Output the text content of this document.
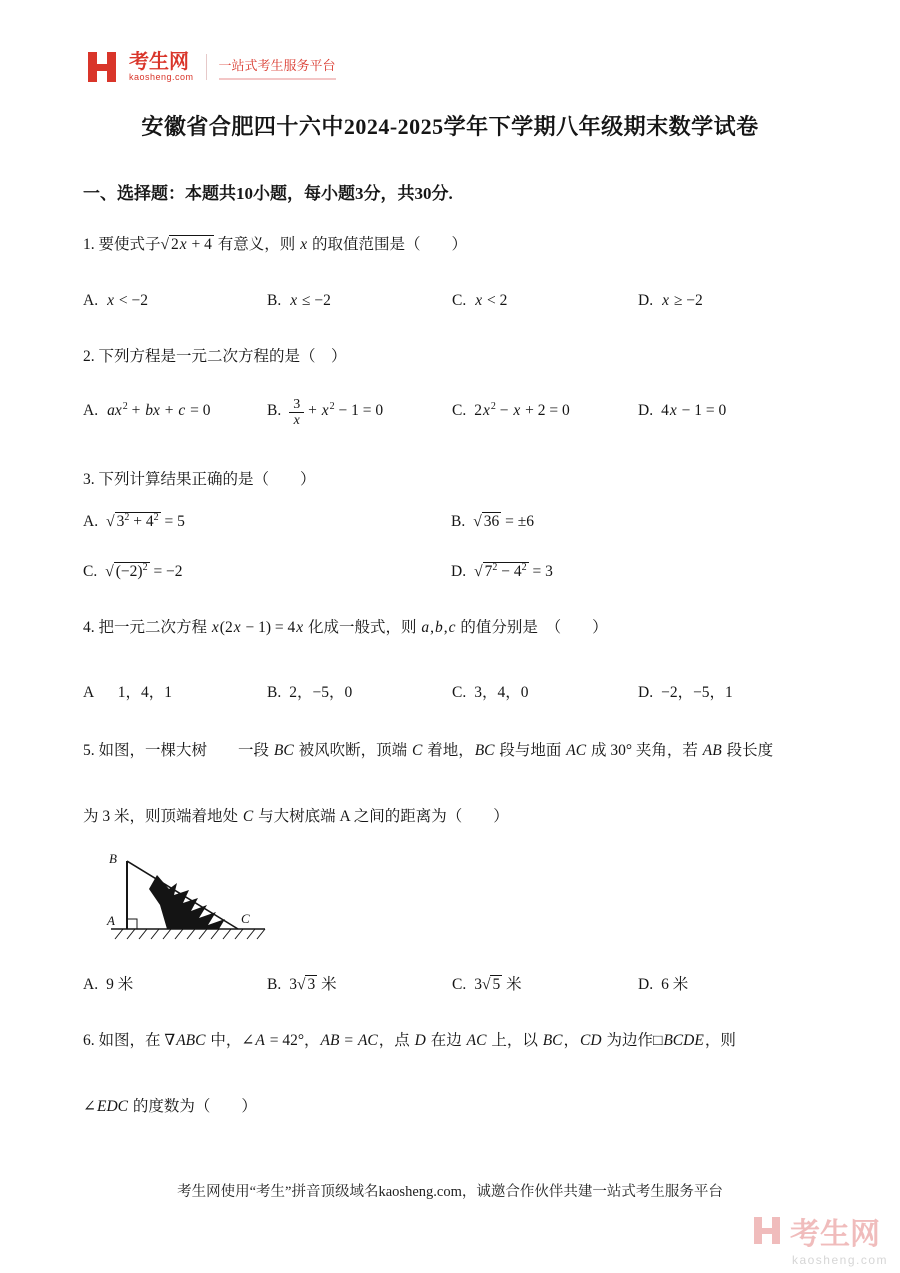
考生网
kaosheng.com
一站式考生服务平台
安徽省合肥四十六中2024-2025学年下学期八年级期末数学试卷
一、选择题：本题共10小题，每小题3分，共30分.

1. 要使式子√ 2x + 4 有意义，则 x 的取值范围是（　　）

A. x < −2	B. x ≤ −2	C. x < 2	D. x ≥ −2

2. 下列方程是一元二次方程的是（　）

A. $ax^2$ + bx + c = 0	B. $\frac{3}{x} + x^2 - 1 = 0$	C. $2x^2 - x + 2 = 0$	D. 4x − 1 = 0

3. 下列计算结果正确的是（　　）

A. √ $3^2 + 4^2 = 5$	B. √ 36 = ±6
C. √ $(-2)^2 = -2$	D. √ $7^2 - 4^2 = 3$

4. 把一元二次方程 x(2x − 1) = 4x 化成一般式，则 a,b,c 的值分别是　（　　）

A　1，4，1	B. 2，−5，0	C. 3，4，0	D. −2，−5，1

5. 如图，一棵大树　　一段 BC 被风吹断，顶端 C 着地，BC 段与地面 AC 成 30° 夹角，若 AB 段长度

为 3 米，则顶端着地处 C 与大树底端 A 之间的距离为（　　）

B
A	C
A. 9 米	B. 3√ 3 米	C. 3√ 5 米	D. 6 米

6. 如图，在 ∇ABC 中，∠A = 42°，AB = AC，点 D 在边 AC 上，以 BC，CD 为边作□BCDE，则

∠EDC 的度数为（　　）

考生网使用“考生”拼音顶级域名kaosheng.com，诚邀合作伙伴共建一站式考生服务平台
考生网
kaosheng.com
